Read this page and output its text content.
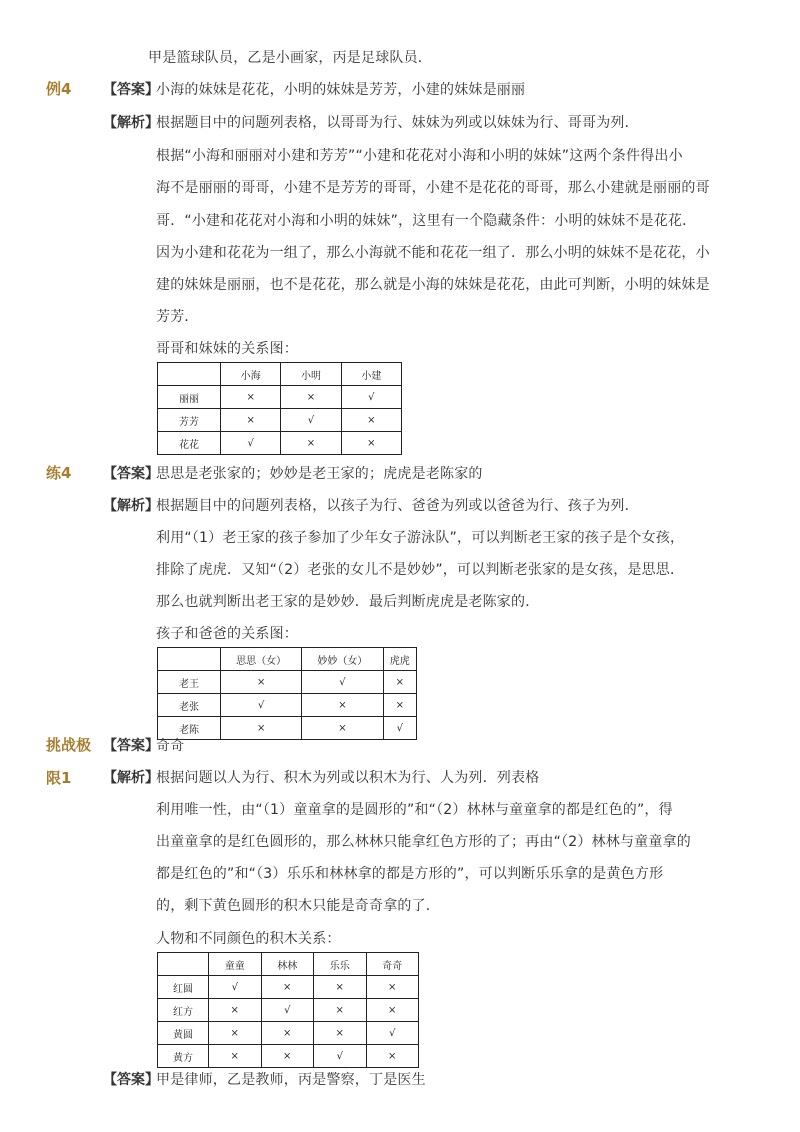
甲是篮球队员，乙是小画家，丙是足球队员．
例4 【答案】
小海的妹妹是花花，小明的妹妹是芳芳，小建的妹妹是丽丽
【解析】
根据题目中的问题列表格，以哥哥为行、妹妹为列或以妹妹为行、哥哥为列．
根据“小海和丽丽对小建和芳芳”“小建和花花对小海和小明的妹妹”这两个条件得出小
海不是丽丽的哥哥，小建不是芳芳的哥哥，小建不是花花的哥哥，那么小建就是丽丽的哥
哥．“小建和花花对小海和小明的妹妹”，这里有一个隐藏条件：小明的妹妹不是花花．
因为小建和花花为一组了，那么小海就不能和花花一组了．那么小明的妹妹不是花花，小
建的妹妹是丽丽，也不是花花，那么就是小海的妹妹是花花，由此可判断，小明的妹妹是
芳芳．
哥哥和妹妹的关系图：
	小海	小明	小建
丽丽	×	×	√
芳芳	×	√	×
花花	√	×	×
练4 【答案】
思思是老张家的；妙妙是老王家的；虎虎是老陈家的
【解析】
根据题目中的问题列表格，以孩子为行、爸爸为列或以爸爸为行、孩子为列．
利用“（1）老王家的孩子参加了少年女子游泳队”，可以判断老王家的孩子是个女孩，
排除了虎虎．又知“（2）老张的女儿不是妙妙”，可以判断老张家的是女孩，是思思．
那么也就判断出老王家的是妙妙．最后判断虎虎是老陈家的．
孩子和爸爸的关系图：
	思思（女）	妙妙（女）	虎虎
老王	×	√	×
老张	√	×	×
老陈	×	×	√
挑战极
限1
【答案】
奇奇
【解析】
根据问题以人为行、积木为列或以积木为行、人为列．列表格
利用唯一性，由“（1）童童拿的是圆形的”和“（2）林林与童童拿的都是红色的”，得
出童童拿的是红色圆形的，那么林林只能拿红色方形的了；再由“（2）林林与童童拿的
都是红色的”和“（3）乐乐和林林拿的都是方形的”，可以判断乐乐拿的是黄色方形
的，剩下黄色圆形的积木只能是奇奇拿的了．
人物和不同颜色的积木关系：
	童童	林林	乐乐	奇奇
红圆	√	×	×	×
红方	×	√	×	×
黄圆	×	×	×	√
黄方	×	×	√	×
【答案】
甲是律师，乙是教师，丙是警察，丁是医生
